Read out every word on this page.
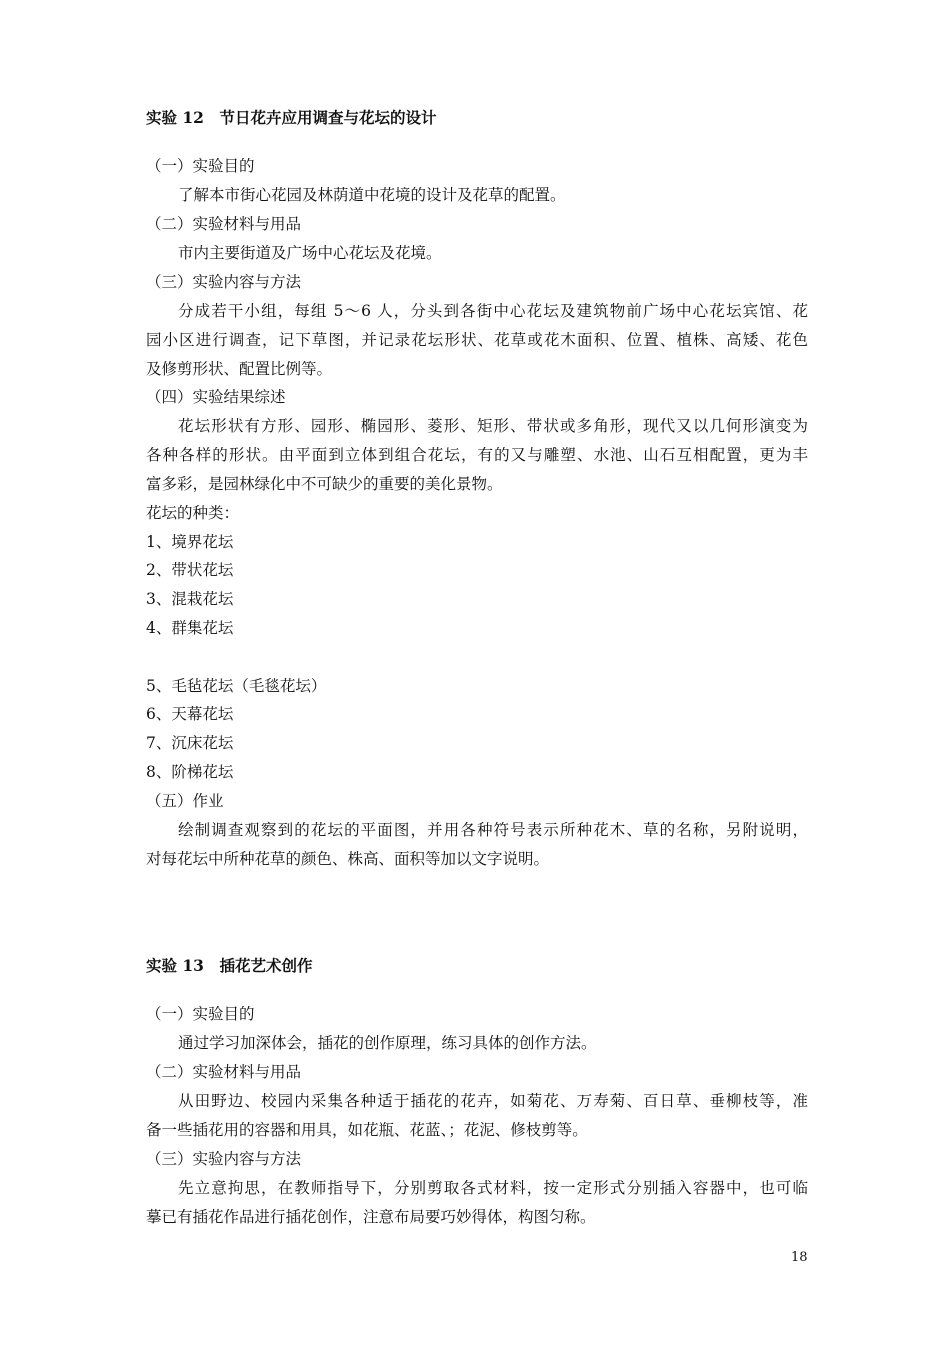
实验 12　节日花卉应用调查与花坛的设计
（一）实验目的
了解本市街心花园及林荫道中花境的设计及花草的配置。
（二）实验材料与用品
市内主要街道及广场中心花坛及花境。
（三）实验内容与方法
分成若干小组，每组 5～6 人，分头到各街中心花坛及建筑物前广场中心花坛宾馆、花
园小区进行调查，记下草图，并记录花坛形状、花草或花木面积、位置、植株、高矮、花色
及修剪形状、配置比例等。
（四）实验结果综述
花坛形状有方形、园形、椭园形、菱形、矩形、带状或多角形，现代又以几何形演变为
各种各样的形状。由平面到立体到组合花坛，有的又与雕塑、水池、山石互相配置，更为丰
富多彩，是园林绿化中不可缺少的重要的美化景物。
花坛的种类：
1、境界花坛
2、带状花坛
3、混栽花坛
4、群集花坛
5、毛毡花坛（毛毯花坛）
6、天幕花坛
7、沉床花坛
8、阶梯花坛
（五）作业
绘制调查观察到的花坛的平面图，并用各种符号表示所种花木、草的名称，另附说明，
对每花坛中所种花草的颜色、株高、面积等加以文字说明。
实验 13　插花艺术创作
（一）实验目的
通过学习加深体会，插花的创作原理，练习具体的创作方法。
（二）实验材料与用品
从田野边、校园内采集各种适于插花的花卉，如菊花、万寿菊、百日草、垂柳枝等，准
备一些插花用的容器和用具，如花瓶、花蓝、；花泥、修枝剪等。
（三）实验内容与方法
先立意拘思，在教师指导下，分别剪取各式材料，按一定形式分别插入容器中，也可临
摹已有插花作品进行插花创作，注意布局要巧妙得体，构图匀称。
18
